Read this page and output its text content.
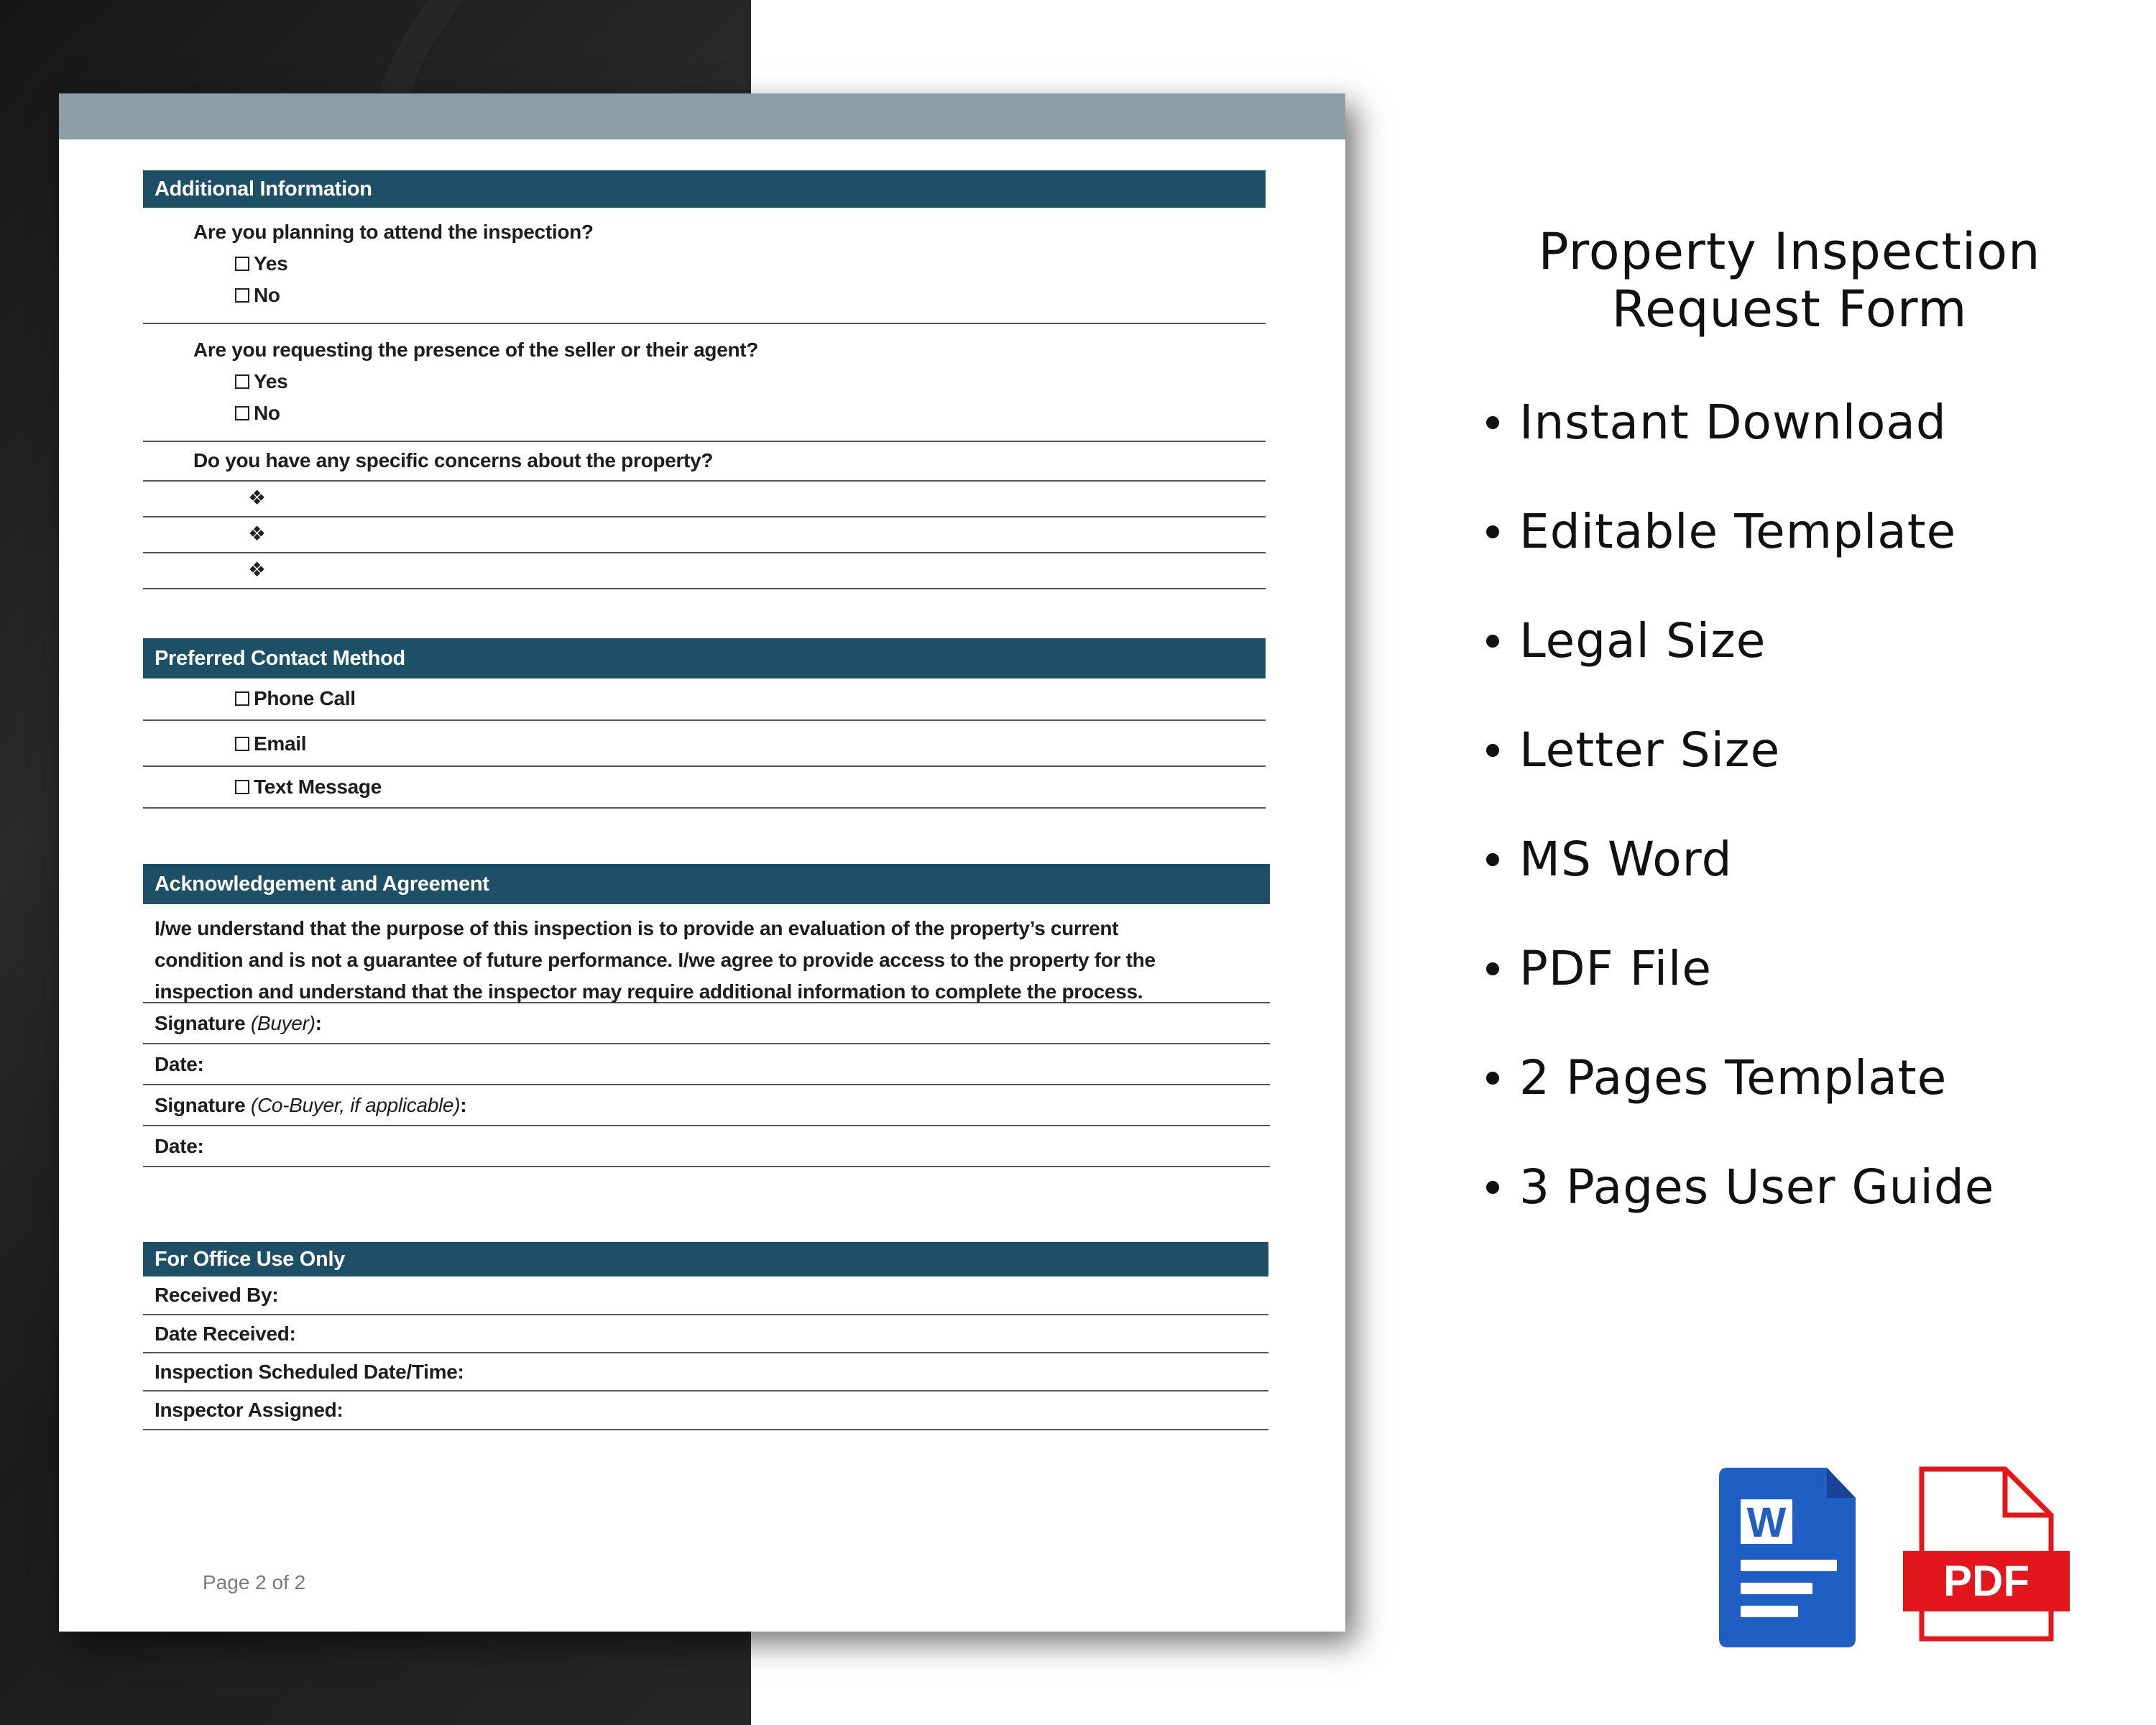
Additional Information
Are you planning to attend the inspection?
Yes
No
Are you requesting the presence of the seller or their agent?
Yes
No
Do you have any specific concerns about the property?
❖
❖
❖
Preferred Contact Method
Phone Call
Email
Text Message
Acknowledgement and Agreement
I/we understand that the purpose of this inspection is to provide an evaluation of the property’s current
condition and is not a guarantee of future performance. I/we agree to provide access to the property for the
inspection and understand that the inspector may require additional information to complete the process.
Signature (Buyer):
Date:
Signature (Co-Buyer, if applicable):
Date:
For Office Use Only
Received By:
Date Received:
Inspection Scheduled Date/Time:
Inspector Assigned:
Page 2 of 2
Property Inspection
Request Form
Instant Download
Editable Template
Legal Size
Letter Size
MS Word
PDF File
2 Pages Template
3 Pages User Guide
W
PDF
